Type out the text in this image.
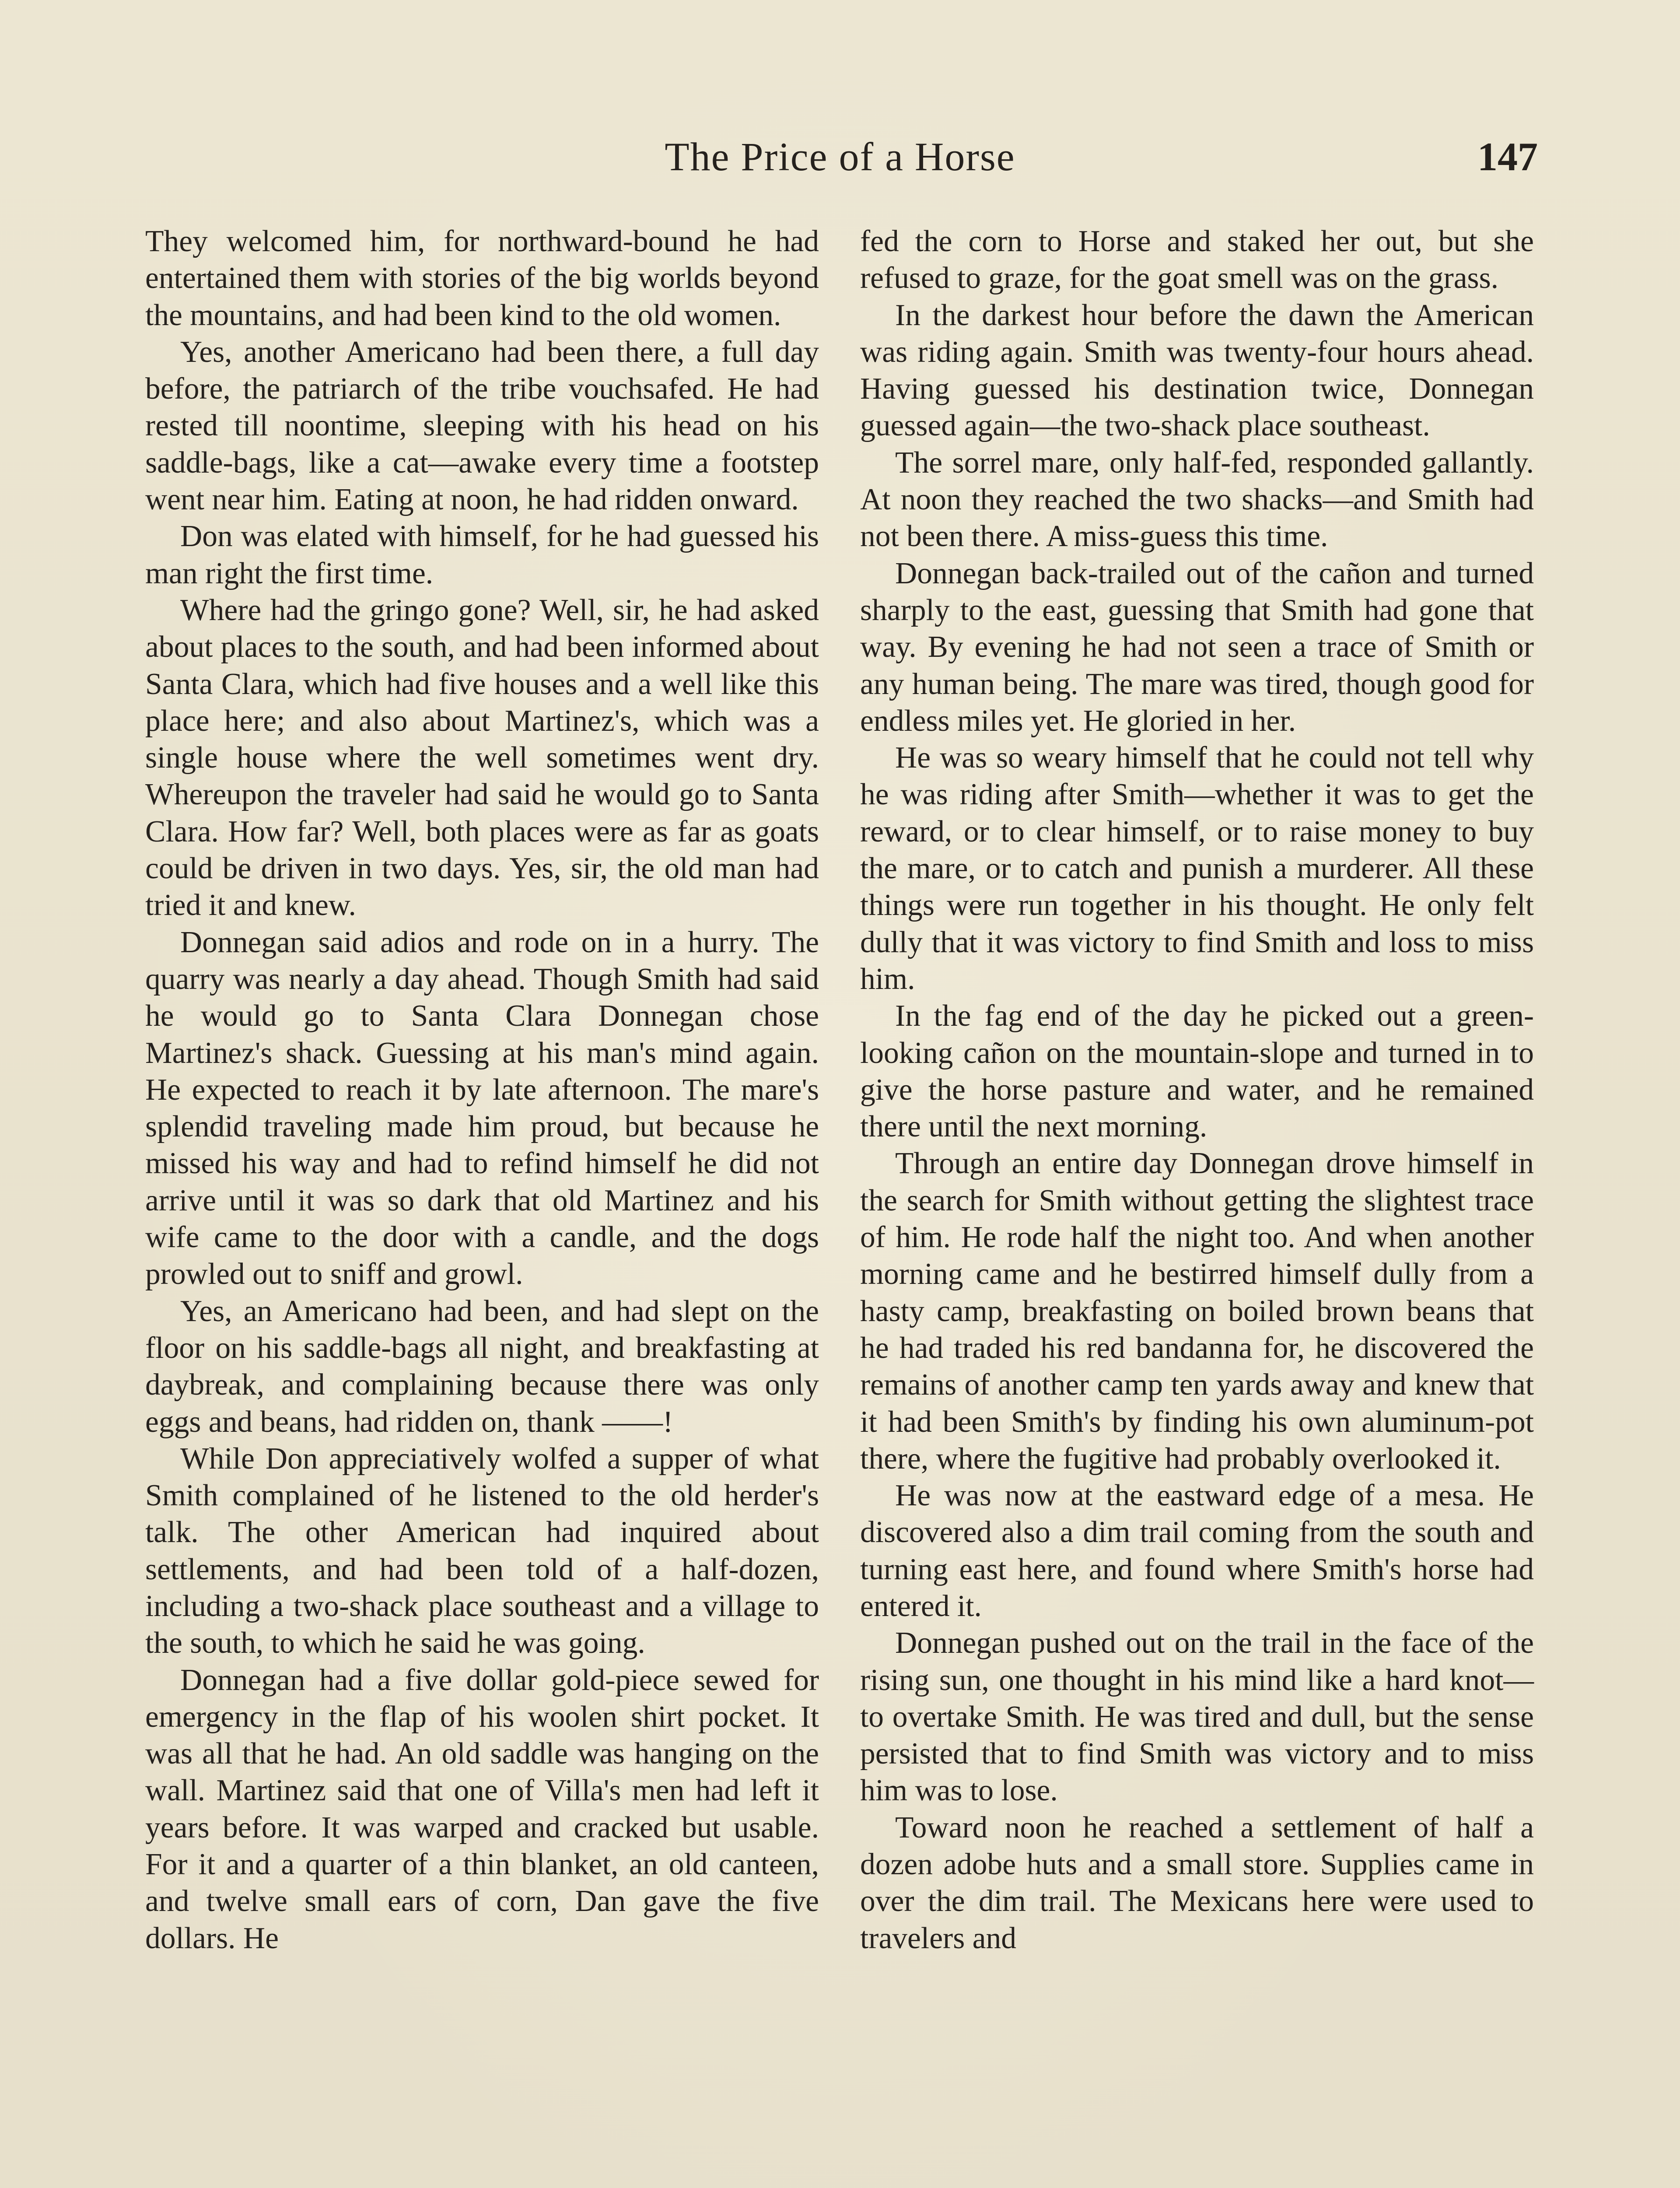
The Price of a Horse	147

They welcomed him, for northward-bound he had entertained them with stories of the big worlds beyond the mountains, and had been kind to the old women.

Yes, another Americano had been there, a full day before, the patriarch of the tribe vouchsafed. He had rested till noontime, sleeping with his head on his saddle-bags, like a cat—awake every time a footstep went near him. Eating at noon, he had ridden onward.

Don was elated with himself, for he had guessed his man right the first time.

Where had the gringo gone? Well, sir, he had asked about places to the south, and had been informed about Santa Clara, which had five houses and a well like this place here; and also about Martinez's, which was a single house where the well sometimes went dry. Whereupon the traveler had said he would go to Santa Clara. How far? Well, both places were as far as goats could be driven in two days. Yes, sir, the old man had tried it and knew.

Donnegan said adios and rode on in a hurry. The quarry was nearly a day ahead. Though Smith had said he would go to Santa Clara Donnegan chose Martinez's shack. Guessing at his man's mind again. He expected to reach it by late afternoon. The mare's splendid traveling made him proud, but because he missed his way and had to refind himself he did not arrive until it was so dark that old Martinez and his wife came to the door with a candle, and the dogs prowled out to sniff and growl.

Yes, an Americano had been, and had slept on the floor on his saddle-bags all night, and breakfasting at daybreak, and complaining because there was only eggs and beans, had ridden on, thank ——!

While Don appreciatively wolfed a supper of what Smith complained of he listened to the old herder's talk. The other American had inquired about settlements, and had been told of a half-dozen, including a two-shack place southeast and a village to the south, to which he said he was going.

Donnegan had a five dollar gold-piece sewed for emergency in the flap of his woolen shirt pocket. It was all that he had. An old saddle was hanging on the wall. Martinez said that one of Villa's men had left it years before. It was warped and cracked but usable. For it and a quarter of a thin blanket, an old canteen, and twelve small ears of corn, Dan gave the five dollars. He

fed the corn to Horse and staked her out, but she refused to graze, for the goat smell was on the grass.

In the darkest hour before the dawn the American was riding again. Smith was twenty-four hours ahead. Having guessed his destination twice, Donnegan guessed again—the two-shack place southeast.

The sorrel mare, only half-fed, responded gallantly. At noon they reached the two shacks—and Smith had not been there. A miss-guess this time.

Donnegan back-trailed out of the cañon and turned sharply to the east, guessing that Smith had gone that way. By evening he had not seen a trace of Smith or any human being. The mare was tired, though good for endless miles yet. He gloried in her.

He was so weary himself that he could not tell why he was riding after Smith—whether it was to get the reward, or to clear himself, or to raise money to buy the mare, or to catch and punish a murderer. All these things were run together in his thought. He only felt dully that it was victory to find Smith and loss to miss him.

In the fag end of the day he picked out a green-looking cañon on the mountain-slope and turned in to give the horse pasture and water, and he remained there until the next morning.

Through an entire day Donnegan drove himself in the search for Smith without getting the slightest trace of him. He rode half the night too. And when another morning came and he bestirred himself dully from a hasty camp, breakfasting on boiled brown beans that he had traded his red bandanna for, he discovered the remains of another camp ten yards away and knew that it had been Smith's by finding his own aluminum-pot there, where the fugitive had probably overlooked it.

He was now at the eastward edge of a mesa. He discovered also a dim trail coming from the south and turning east here, and found where Smith's horse had entered it.

Donnegan pushed out on the trail in the face of the rising sun, one thought in his mind like a hard knot—to overtake Smith. He was tired and dull, but the sense persisted that to find Smith was victory and to miss him was to lose.

Toward noon he reached a settlement of half a dozen adobe huts and a small store. Supplies came in over the dim trail. The Mexicans here were used to travelers and
